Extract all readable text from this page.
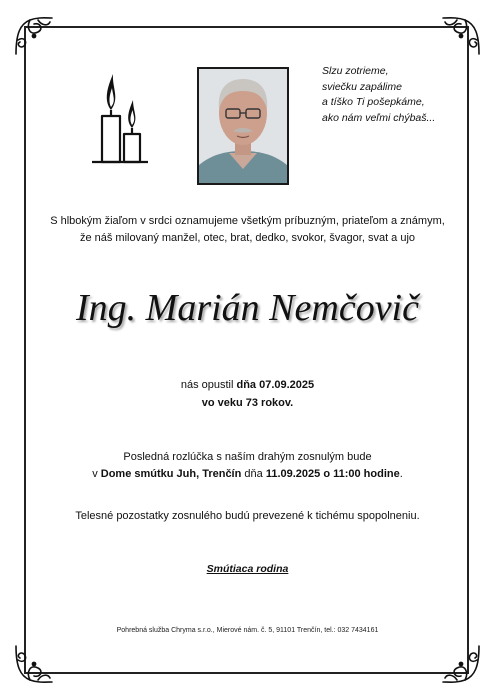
Slzu zotrieme,
sviečku zapálime
a tíško Ti pošepkáme,
ako nám veľmi chýbaš...
S hlbokým žiaľom v srdci oznamujeme všetkým príbuzným, priateľom a známym,
že náš milovaný manžel, otec, brat, dedko, svokor, švagor, svat a ujo
Ing. Marián Nemčovič
nás opustil dňa 07.09.2025
vo veku 73 rokov.
Posledná rozlúčka s naším drahým zosnulým bude
v Dome smútku Juh, Trenčín dňa 11.09.2025 o 11:00 hodine.
Telesné pozostatky zosnulého budú prevezené k tichému spopolneniu.
Smútiaca rodina
Pohrebná služba Chryma s.r.o., Mierové nám. č. 5, 91101 Trenčín, tel.: 032 7434161
